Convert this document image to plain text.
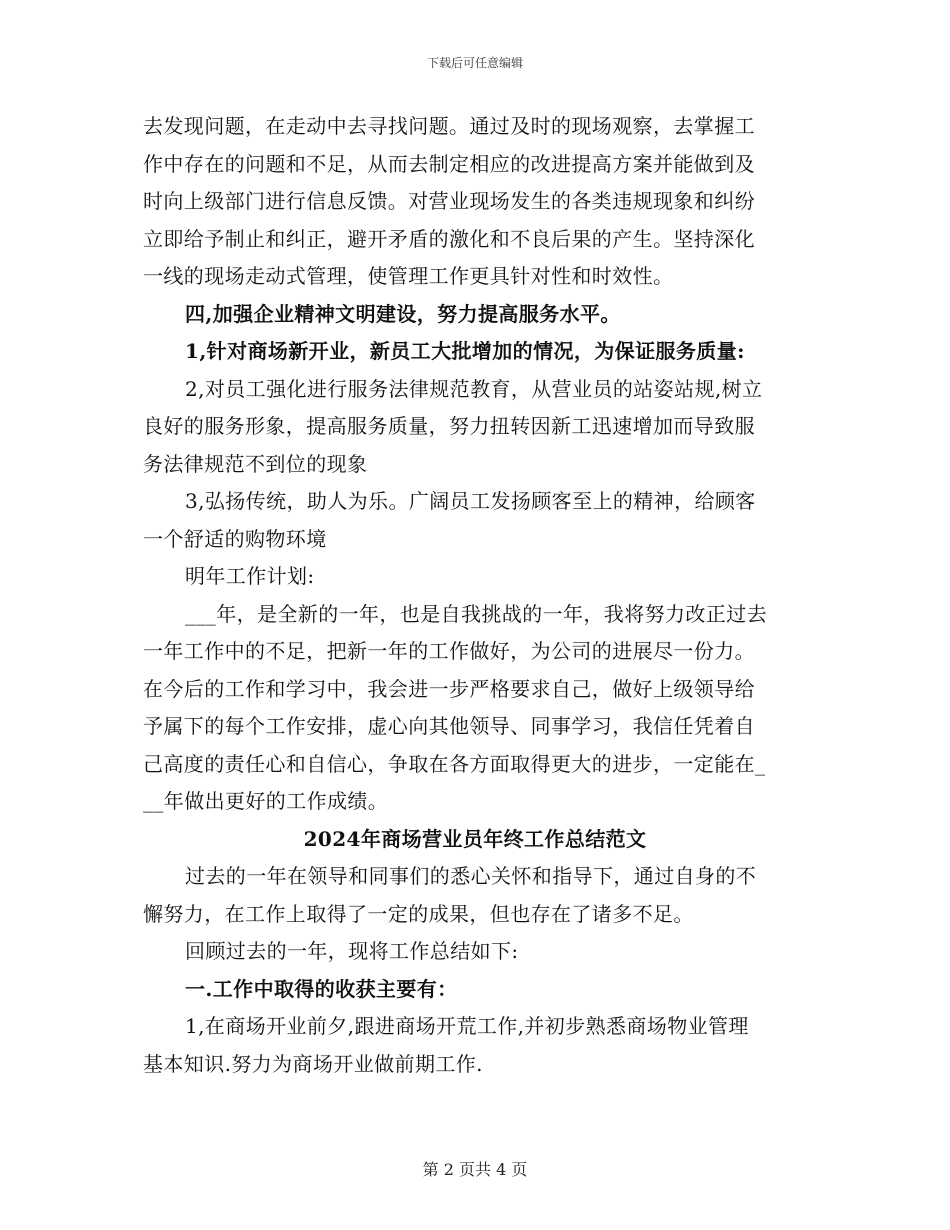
下载后可任意编辑
去发现问题，在走动中去寻找问题。通过及时的现场观察，去掌握工
作中存在的问题和不足，从而去制定相应的改进提高方案并能做到及
时向上级部门进行信息反馈。对营业现场发生的各类违规现象和纠纷
立即给予制止和纠正，避开矛盾的激化和不良后果的产生。坚持深化
一线的现场走动式管理，使管理工作更具针对性和时效性。
四,加强企业精神文明建设，努力提高服务水平。
1,针对商场新开业，新员工大批增加的情况，为保证服务质量:
2,对员工强化进行服务法律规范教育，从营业员的站姿站规,树立
良好的服务形象，提高服务质量，努力扭转因新工迅速增加而导致服
务法律规范不到位的现象
3,弘扬传统，助人为乐。广阔员工发扬顾客至上的精神，给顾客
一个舒适的购物环境
明年工作计划:
___年，是全新的一年，也是自我挑战的一年，我将努力改正过去
一年工作中的不足，把新一年的工作做好，为公司的进展尽一份力。
在今后的工作和学习中，我会进一步严格要求自己，做好上级领导给
予属下的每个工作安排，虚心向其他领导、同事学习，我信任凭着自
己高度的责任心和自信心，争取在各方面取得更大的进步，一定能在_
__年做出更好的工作成绩。
2024年商场营业员年终工作总结范文
过去的一年在领导和同事们的悉心关怀和指导下，通过自身的不
懈努力，在工作上取得了一定的成果，但也存在了诸多不足。
回顾过去的一年，现将工作总结如下:
一.工作中取得的收获主要有：
1,在商场开业前夕,跟进商场开荒工作,并初步熟悉商场物业管理
基本知识.努力为商场开业做前期工作.
第 2 页共 4 页
